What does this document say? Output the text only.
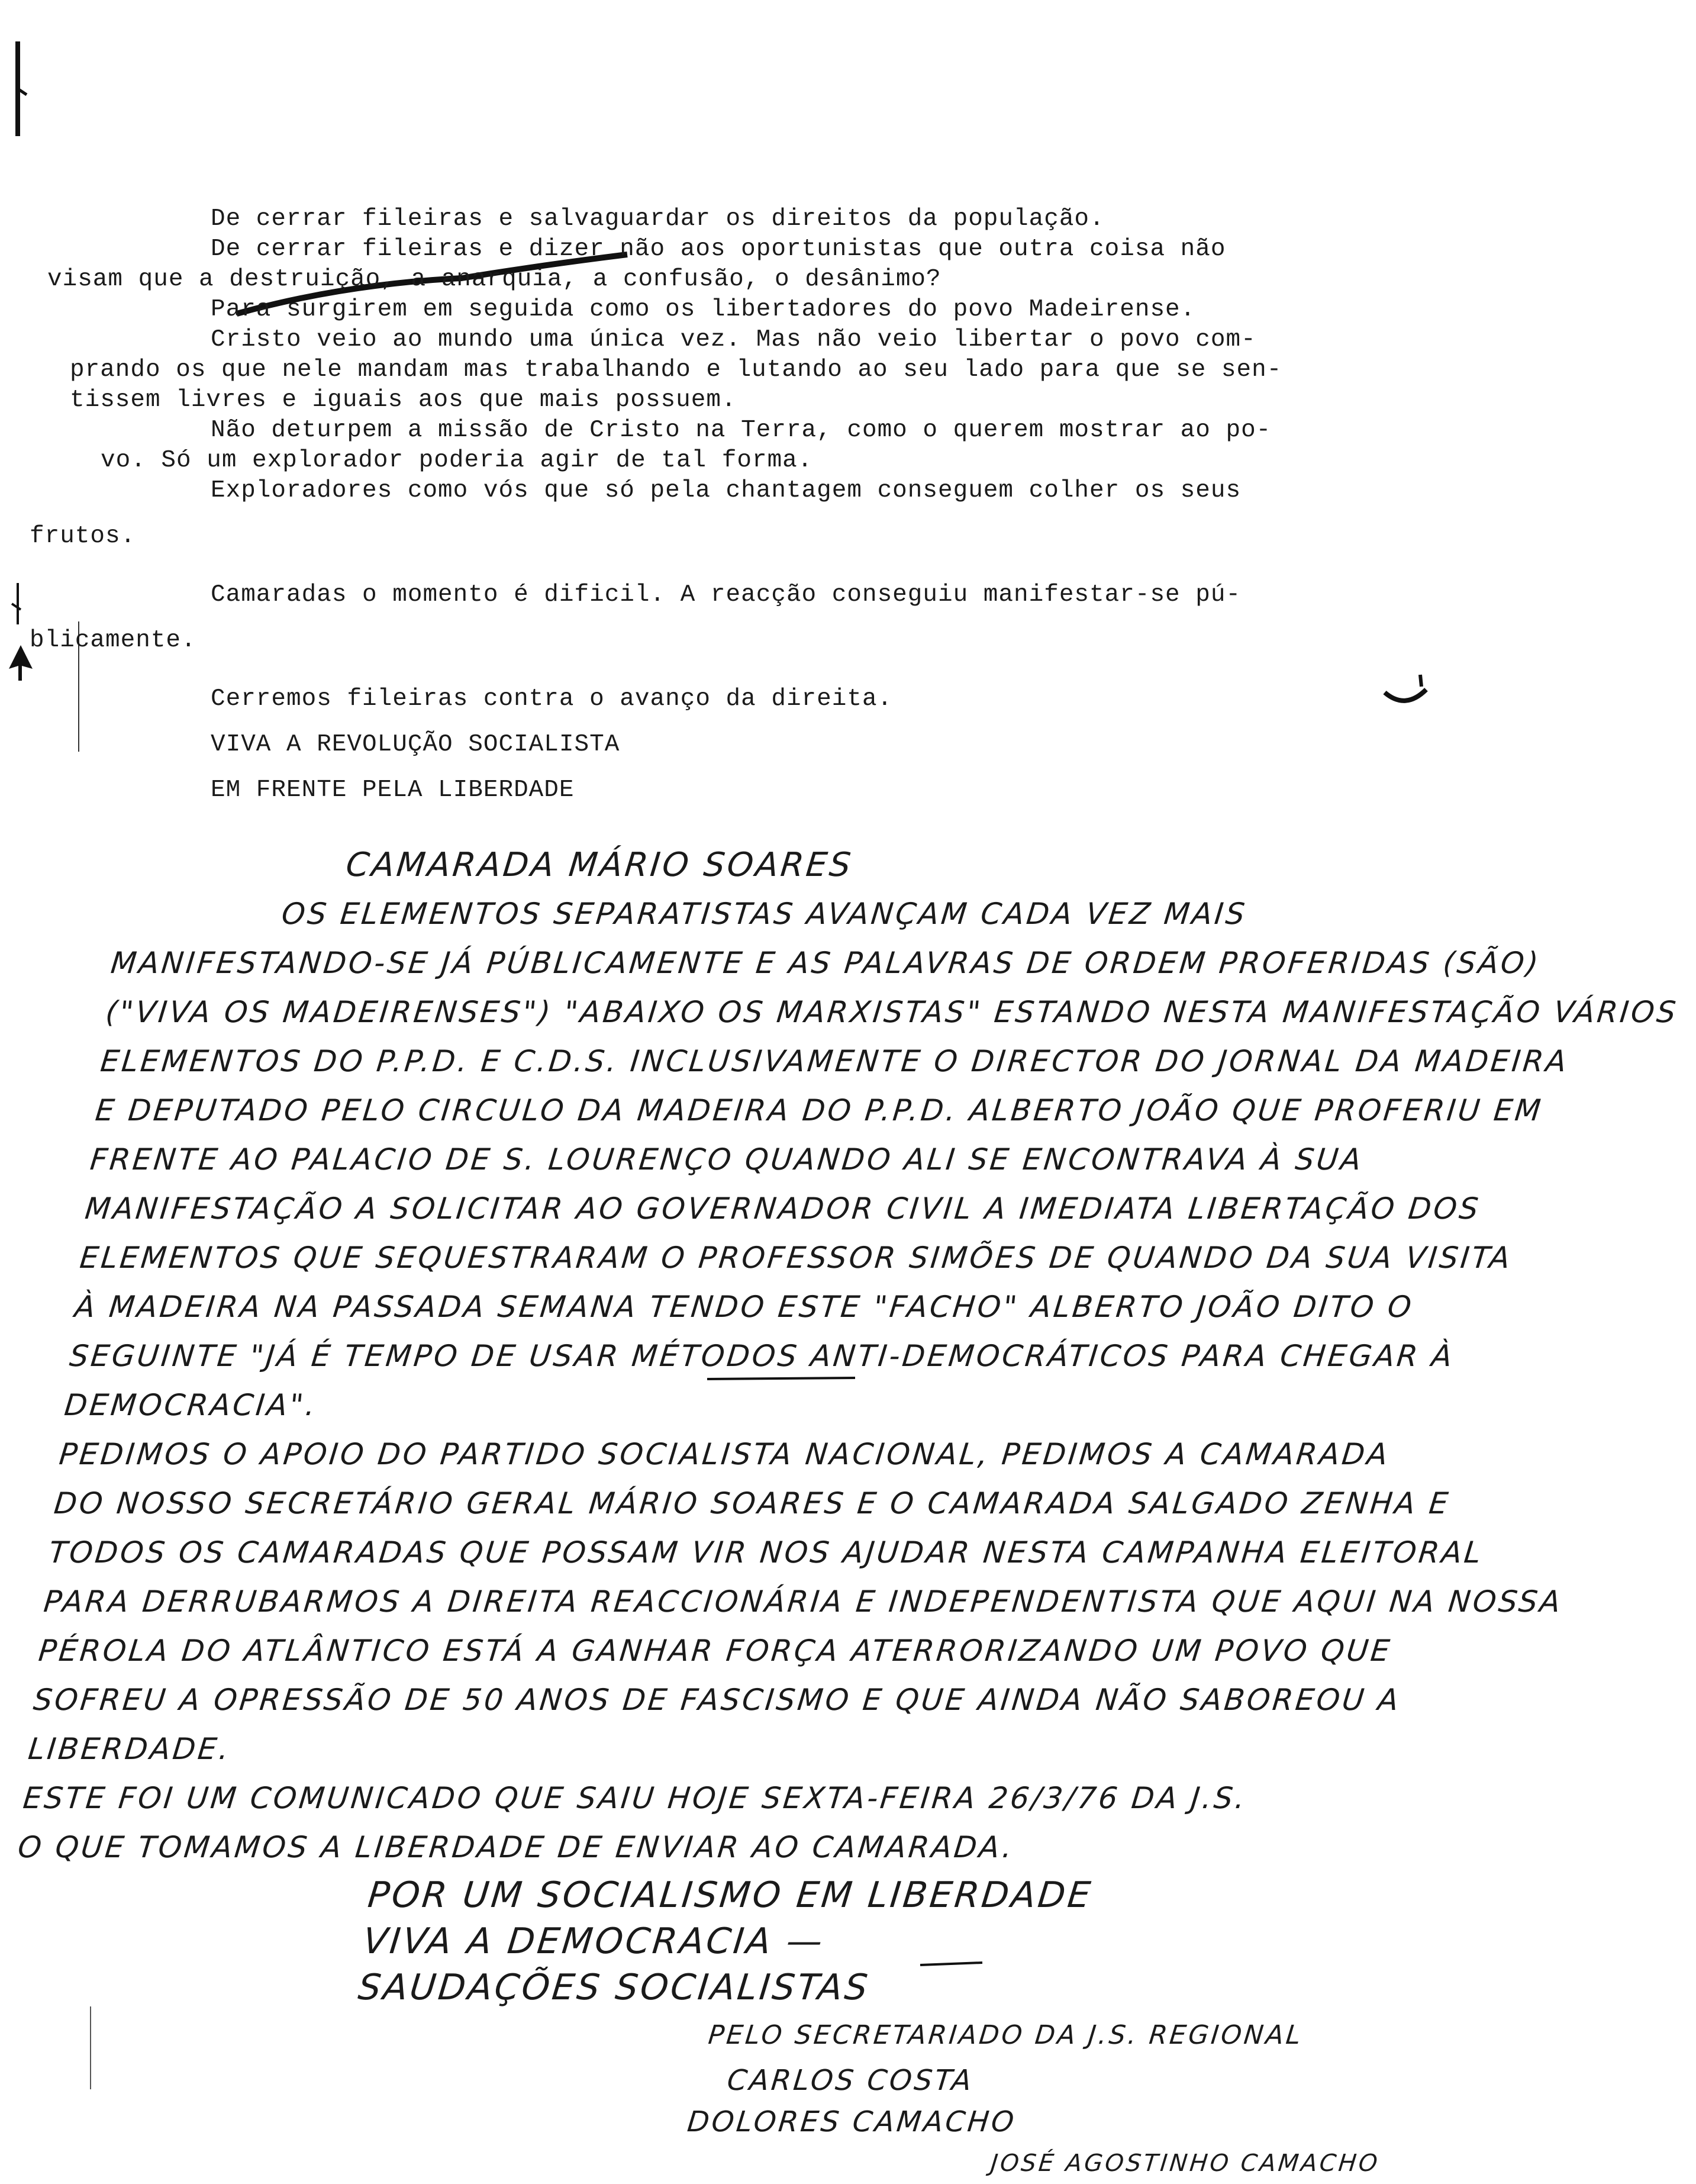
De cerrar fileiras e salvaguardar os direitos da população.

De cerrar fileiras e dizer não aos oportunistas que outra coisa não

visam que a destruição, a anarquia, a confusão, o desânimo?

Para surgirem em seguida como os libertadores do povo Madeirense.

Cristo veio ao mundo uma única vez. Mas não veio libertar o povo com-

prando os que nele mandam mas trabalhando e lutando ao seu lado para que se sen-

tissem livres e iguais aos que mais possuem.

Não deturpem a missão de Cristo na Terra, como o querem mostrar ao po-

vo. Só um explorador poderia agir de tal forma.

Exploradores como vós que só pela chantagem conseguem colher os seus

frutos.

Camaradas o momento é dificil. A reacção conseguiu manifestar-se pú-

blicamente.

Cerremos fileiras contra o avanço da direita.

VIVA A REVOLUÇÃO SOCIALISTA

EM FRENTE PELA LIBERDADE

CAMARADA MÁRIO SOARES

OS ELEMENTOS SEPARATISTAS AVANÇAM CADA VEZ MAIS

MANIFESTANDO-SE JÁ PÚBLICAMENTE E AS PALAVRAS DE ORDEM PROFERIDAS (SÃO)

("VIVA OS MADEIRENSES") "ABAIXO OS MARXISTAS" ESTANDO NESTA MANIFESTAÇÃO VÁRIOS

ELEMENTOS DO P.P.D. E C.D.S. INCLUSIVAMENTE O DIRECTOR DO JORNAL DA MADEIRA

E DEPUTADO PELO CIRCULO DA MADEIRA DO P.P.D. ALBERTO JOÃO QUE PROFERIU EM

FRENTE AO PALACIO DE S. LOURENÇO QUANDO ALI SE ENCONTRAVA À SUA

MANIFESTAÇÃO A SOLICITAR AO GOVERNADOR CIVIL A IMEDIATA LIBERTAÇÃO DOS

ELEMENTOS QUE SEQUESTRARAM O PROFESSOR SIMÕES DE QUANDO DA SUA VISITA

À MADEIRA NA PASSADA SEMANA TENDO ESTE "FACHO" ALBERTO JOÃO DITO O

SEGUINTE "JÁ É TEMPO DE USAR MÉTODOS ANTI-DEMOCRÁTICOS PARA CHEGAR À

DEMOCRACIA".

PEDIMOS O APOIO DO PARTIDO SOCIALISTA NACIONAL, PEDIMOS A CAMARADA

DO NOSSO SECRETÁRIO GERAL MÁRIO SOARES E O CAMARADA SALGADO ZENHA E

TODOS OS CAMARADAS QUE POSSAM VIR NOS AJUDAR NESTA CAMPANHA ELEITORAL

PARA DERRUBARMOS A DIREITA REACCIONÁRIA E INDEPENDENTISTA QUE AQUI NA NOSSA

PÉROLA DO ATLÂNTICO ESTÁ A GANHAR FORÇA ATERRORIZANDO UM POVO QUE

SOFREU A OPRESSÃO DE 50 ANOS DE FASCISMO E QUE AINDA NÃO SABOREOU A

LIBERDADE.

ESTE FOI UM COMUNICADO QUE SAIU HOJE SEXTA-FEIRA 26/3/76 DA J.S.

O QUE TOMAMOS A LIBERDADE DE ENVIAR AO CAMARADA.

POR UM SOCIALISMO EM LIBERDADE

VIVA A DEMOCRACIA —

SAUDAÇÕES SOCIALISTAS

PELO SECRETARIADO DA J.S. REGIONAL

CARLOS COSTA

DOLORES CAMACHO

JOSÉ AGOSTINHO CAMACHO
